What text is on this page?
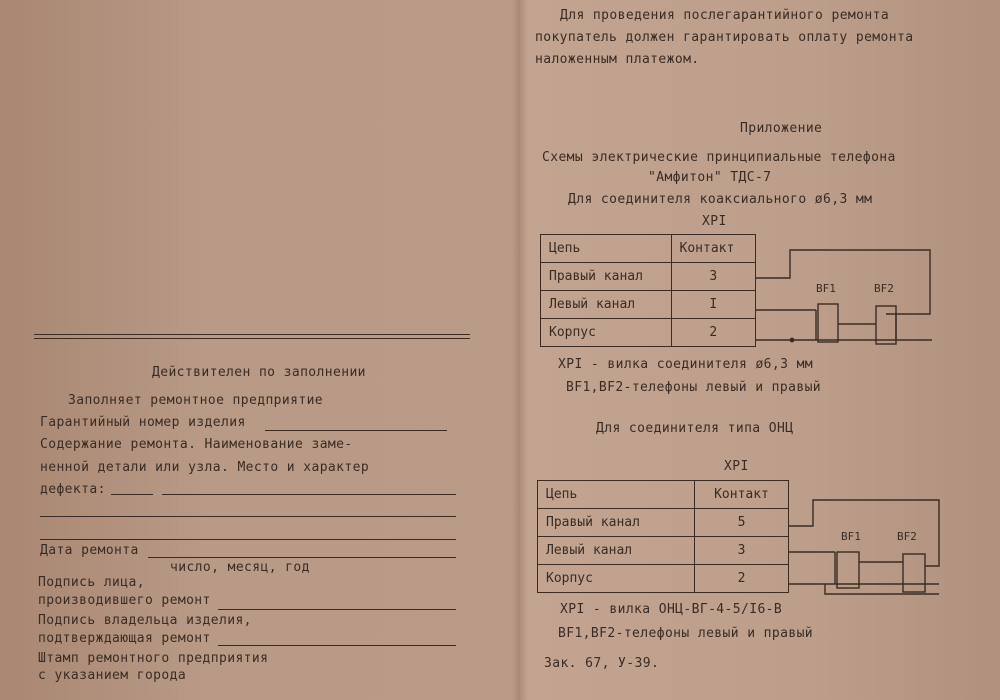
Действителен по заполнении
Заполняет ремонтное предприятие
Гарантийный номер изделия
Содержание ремонта. Наименование заме-
ненной детали или узла. Место и характер
дефекта:
Дата ремонта
число, месяц, год
Подпись лица,
производившего ремонт
Подпись владельца изделия,
подтверждающая ремонт
Штамп ремонтного предприятия
с указанием города
Для проведения послегарантийного ремонта
покупатель должен гарантировать оплату ремонта
наложенным платежом.
Приложение
Схемы электрические принципиальные телефона
"Амфитон" ТДС-7
Для соединителя коаксиального ø6,3 мм
XPI
Цепь	Контакт
Правый канал	3
Левый канал	I
Корпус	2
ВF1	ВF2
XPI - вилка соединителя ø6,3 мм
ВF1,ВF2-телефоны левый и правый
Для соединителя типа ОНЦ
XPI
Цепь	Контакт
Правый канал	5
Левый канал	3
Корпус	2
ВF1	ВF2
XPI - вилка ОНЦ-ВГ-4-5/I6-В
ВF1,ВF2-телефоны левый и правый
Зак. 67, У-39.
